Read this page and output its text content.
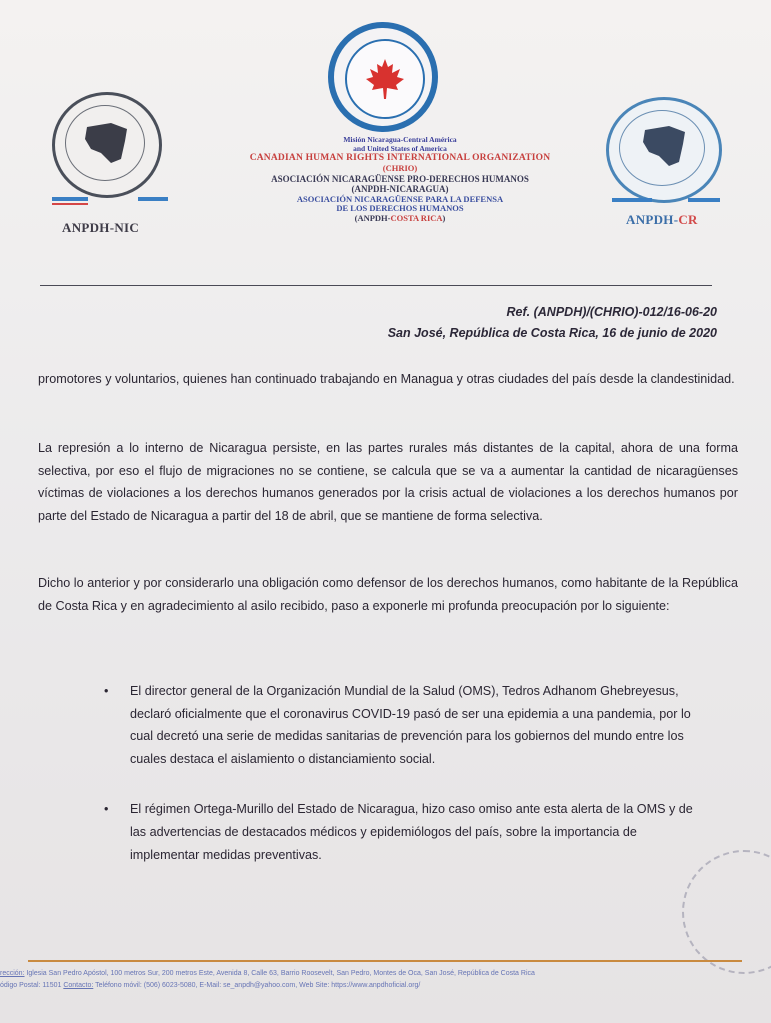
ANPDH-NIC
Misión Nicaragua-Central América
and United States of America
CANADIAN HUMAN RIGHTS INTERNATIONAL ORGANIZATION
(CHRIO)
ASOCIACIÓN NICARAGÜENSE PRO-DERECHOS HUMANOS
(ANPDH-NICARAGUA)
ASOCIACIÓN NICARAGÜENSE PARA LA DEFENSA
DE LOS DERECHOS HUMANOS
(ANPDH-COSTA RICA)	ANPDH-CR
Ref. (ANPDH)/(CHRIO)-012/16-06-20
San José, República de Costa Rica, 16 de junio de 2020
promotores y voluntarios, quienes han continuado trabajando en Managua y otras ciudades del país desde la clandestinidad.
La represión a lo interno de Nicaragua persiste, en las partes rurales más distantes de la capital, ahora de una forma selectiva, por eso el flujo de migraciones no se contiene, se calcula que se va a aumentar la cantidad de nicaragüenses víctimas de violaciones a los derechos humanos generados por la crisis actual de violaciones a los derechos humanos por parte del Estado de Nicaragua a partir del 18 de abril, que se mantiene de forma selectiva.
Dicho lo anterior y por considerarlo una obligación como defensor de los derechos humanos, como habitante de la República de Costa Rica y en agradecimiento al asilo recibido, paso a exponerle mi profunda preocupación por lo siguiente:
• El director general de la Organización Mundial de la Salud (OMS), Tedros Adhanom Ghebreyesus, declaró oficialmente que el coronavirus COVID-19 pasó de ser una epidemia a una pandemia, por lo cual decretó una serie de medidas sanitarias de prevención para los gobiernos del mundo entre los cuales destaca el aislamiento o distanciamiento social.
• El régimen Ortega-Murillo del Estado de Nicaragua, hizo caso omiso ante esta alerta de la OMS y de las advertencias de destacados médicos y epidemiólogos del país, sobre la importancia de implementar medidas preventivas.
rección: Iglesia San Pedro Apóstol, 100 metros Sur, 200 metros Este, Avenida 8, Calle 63, Barrio Roosevelt, San Pedro, Montes de Oca, San José, República de Costa Rica
ódigo Postal: 11501 Contacto: Teléfono móvil: (506) 6023-5080, E-Mail: se_anpdh@yahoo.com, Web Site: https://www.anpdhoficial.org/
